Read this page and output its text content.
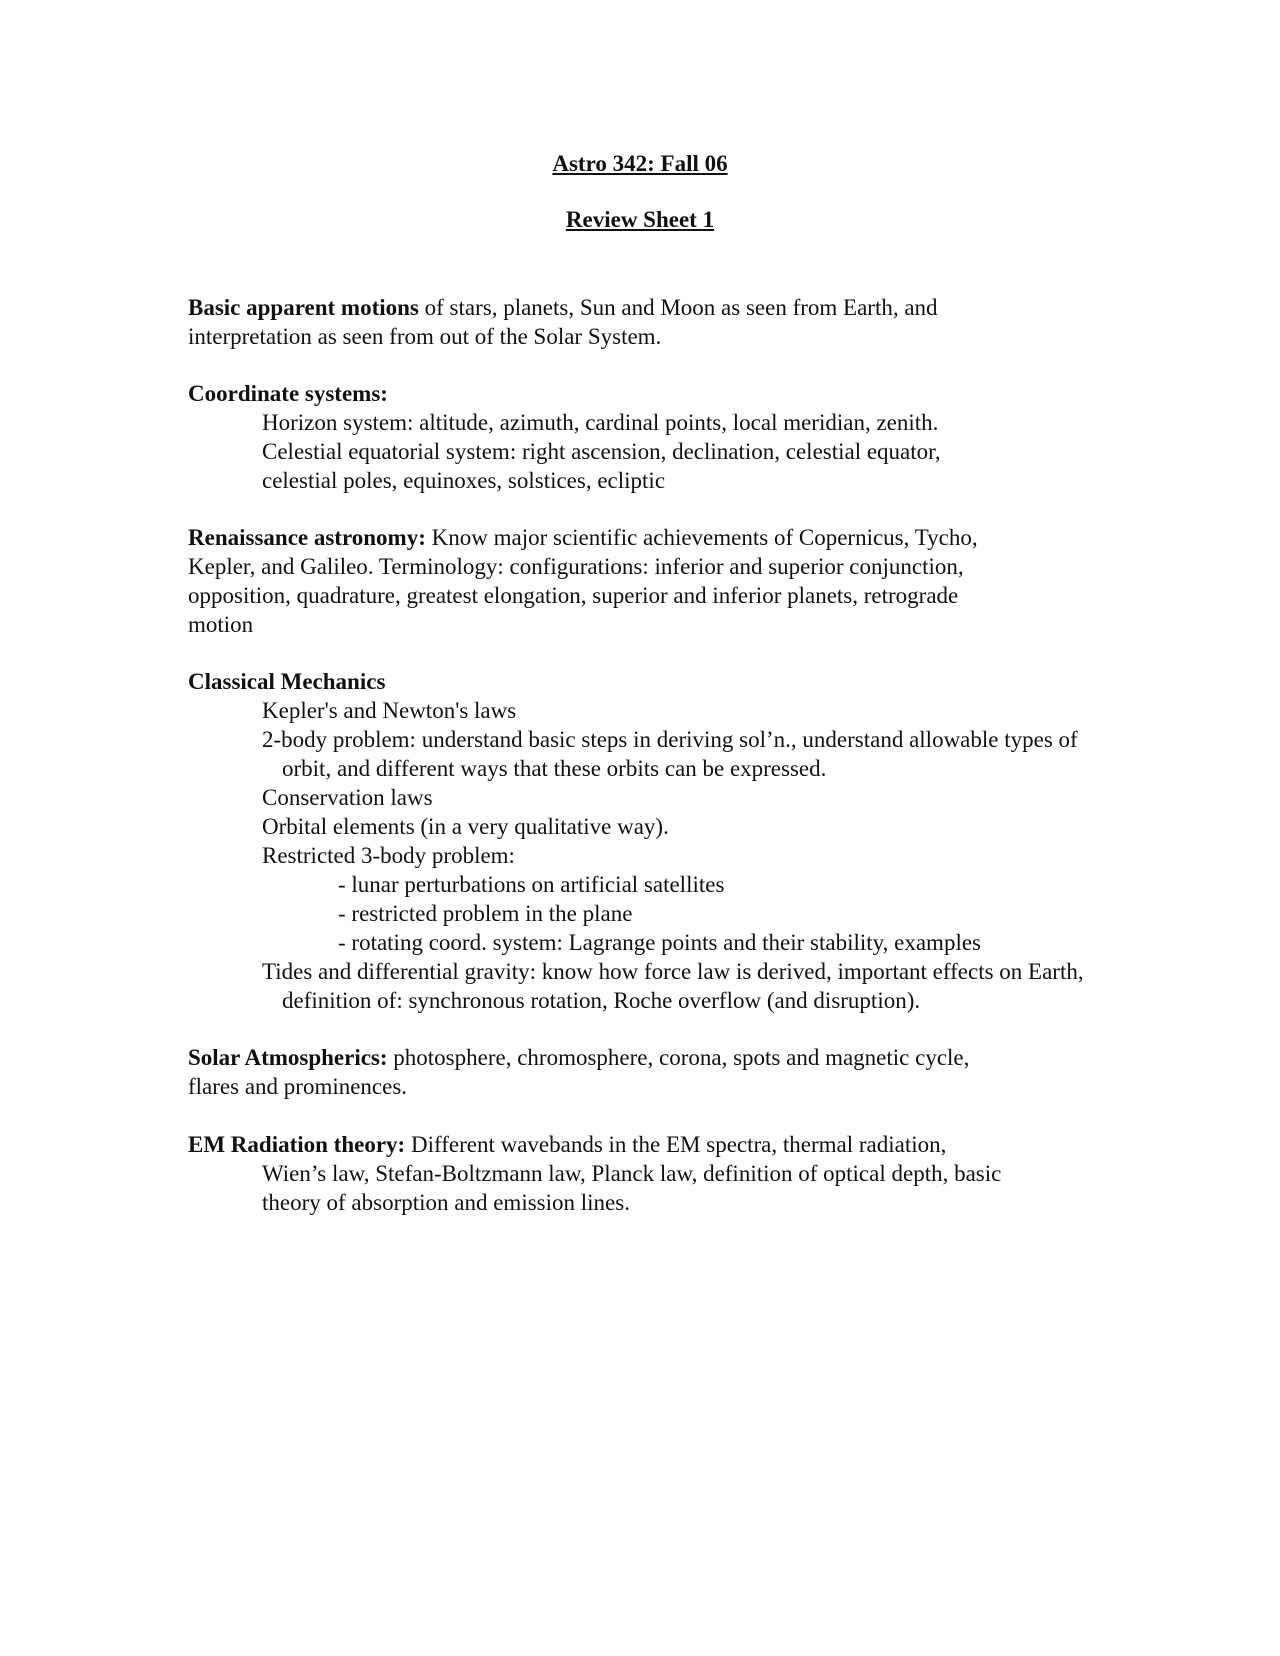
Astro 342: Fall 06
Review Sheet 1
Basic apparent motions of stars, planets, Sun and Moon as seen from Earth, and
interpretation as seen from out of the Solar System.
Coordinate systems:
Horizon system: altitude, azimuth, cardinal points, local meridian, zenith.
Celestial equatorial system: right ascension, declination, celestial equator,
celestial poles, equinoxes, solstices, ecliptic
Renaissance astronomy: Know major scientific achievements of Copernicus, Tycho,
Kepler, and Galileo. Terminology: configurations: inferior and superior conjunction,
opposition, quadrature, greatest elongation, superior and inferior planets, retrograde
motion
Classical Mechanics
Kepler's and Newton's laws
2-body problem: understand basic steps in deriving sol’n., understand allowable types of
orbit, and different ways that these orbits can be expressed.
Conservation laws
Orbital elements (in a very qualitative way).
Restricted 3-body problem:
- lunar perturbations on artificial satellites
- restricted problem in the plane
- rotating coord. system: Lagrange points and their stability, examples
Tides and differential gravity: know how force law is derived, important effects on Earth,
definition of: synchronous rotation, Roche overflow (and disruption).
Solar Atmospherics: photosphere, chromosphere, corona, spots and magnetic cycle,
flares and prominences.
EM Radiation theory: Different wavebands in the EM spectra, thermal radiation,
Wien’s law, Stefan-Boltzmann law, Planck law, definition of optical depth, basic
theory of absorption and emission lines.
